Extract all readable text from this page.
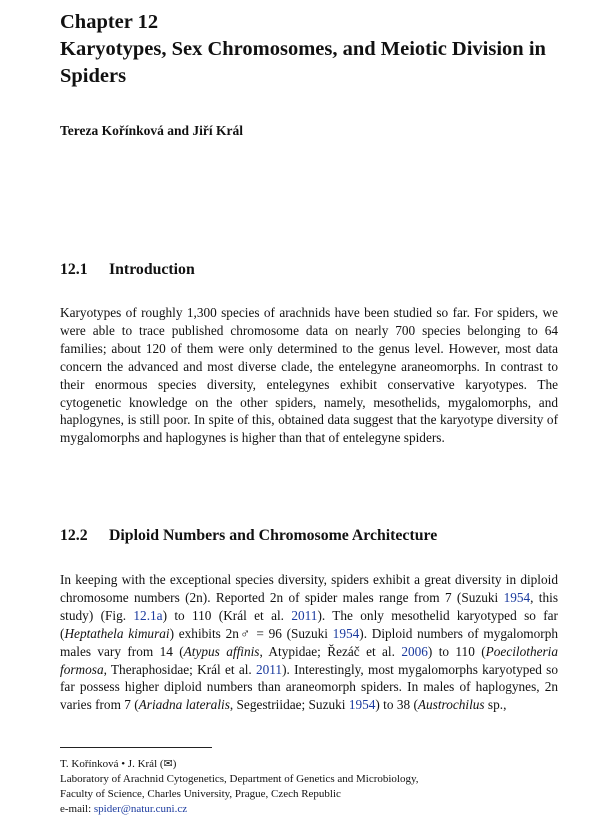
Chapter 12
Karyotypes, Sex Chromosomes, and Meiotic Division in Spiders
Tereza Kořínková and Jiří Král
12.1 Introduction
Karyotypes of roughly 1,300 species of arachnids have been studied so far. For spiders, we were able to trace published chromosome data on nearly 700 species belonging to 64 families; about 120 of them were only determined to the genus level. However, most data concern the advanced and most diverse clade, the entelegyne araneomorphs. In contrast to their enormous species diversity, entelegynes exhibit conservative karyotypes. The cytogenetic knowledge on the other spiders, namely, mesothelids, mygalomorphs, and haplogynes, is still poor. In spite of this, obtained data suggest that the karyotype diversity of mygalomorphs and haplogynes is higher than that of entelegyne spiders.
12.2 Diploid Numbers and Chromosome Architecture
In keeping with the exceptional species diversity, spiders exhibit a great diversity in diploid chromosome numbers (2n). Reported 2n of spider males range from 7 (Suzuki 1954, this study) (Fig. 12.1a) to 110 (Král et al. 2011). The only mesothelid karyotyped so far (Heptathela kimurai) exhibits 2n♂ = 96 (Suzuki 1954). Diploid numbers of mygalomorph males vary from 14 (Atypus affinis, Atypidae; Řezáč et al. 2006) to 110 (Poecilotheria formosa, Theraphosidae; Král et al. 2011). Interestingly, most mygalomorphs karyotyped so far possess higher diploid numbers than araneomorph spiders. In males of haplogynes, 2n varies from 7 (Ariadna lateralis, Segestriidae; Suzuki 1954) to 38 (Austrochilus sp.,
T. Kořínková • J. Král (✉)
Laboratory of Arachnid Cytogenetics, Department of Genetics and Microbiology,
Faculty of Science, Charles University, Prague, Czech Republic
e-mail: spider@natur.cuni.cz
